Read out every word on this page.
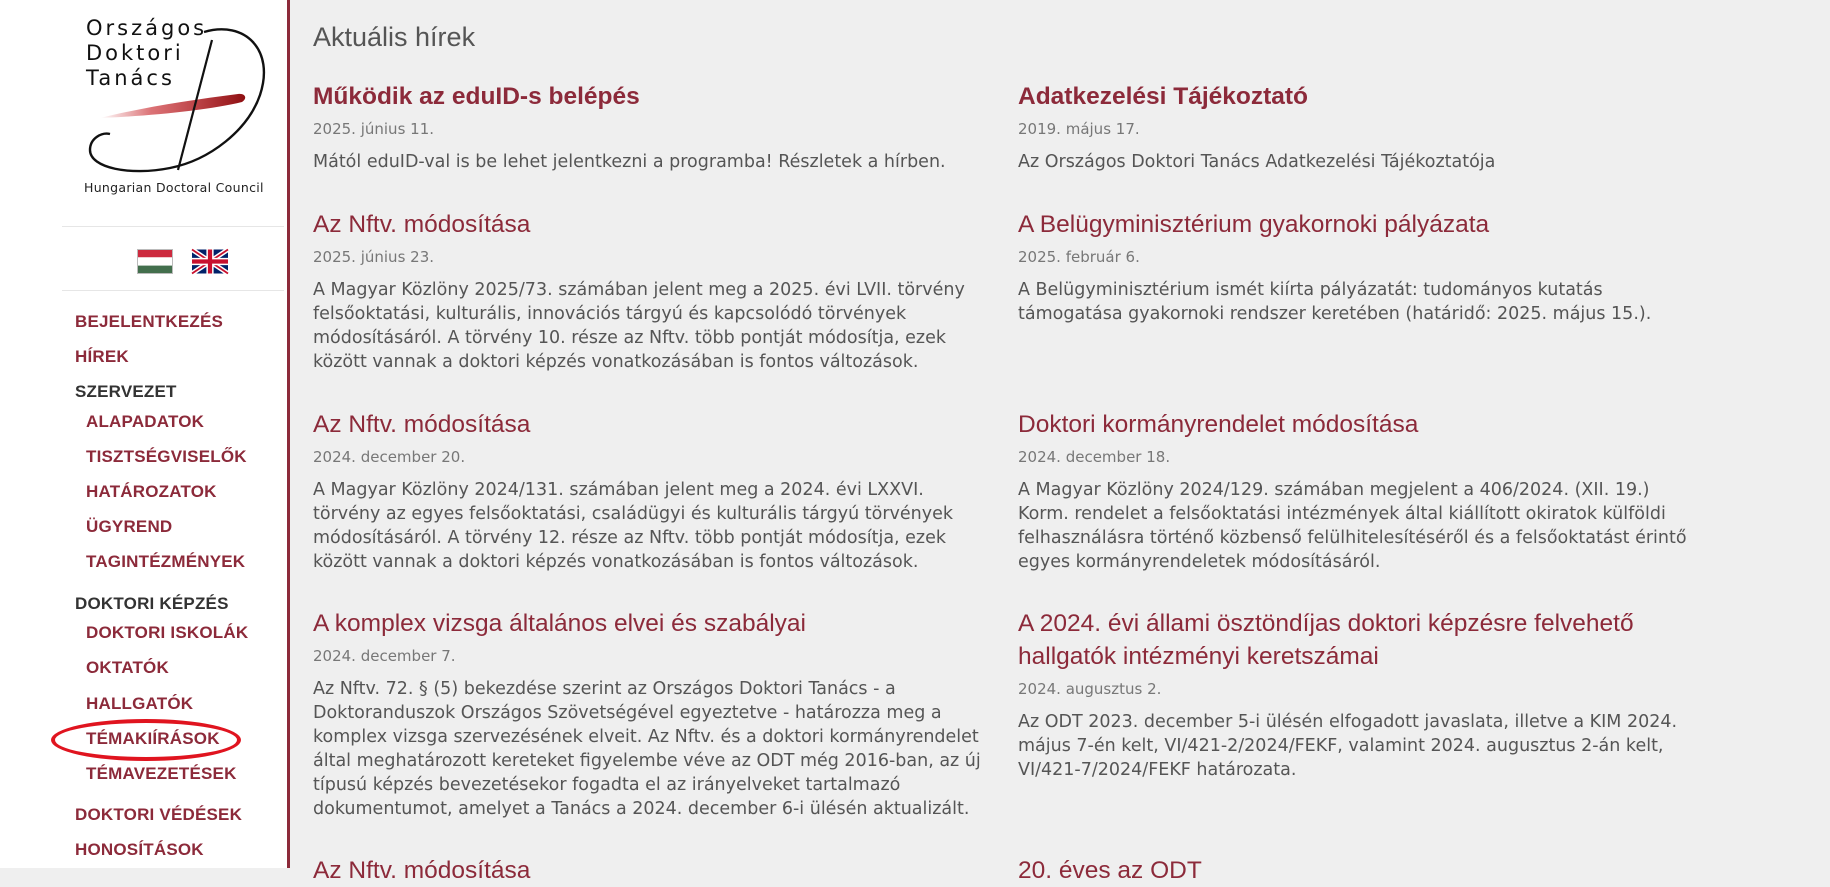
Országos
Doktori
Tanács
Hungarian Doctoral Council
BEJELENTKEZÉS
HÍREK
SZERVEZET
ALAPADATOK
TISZTSÉGVISELŐK
HATÁROZATOK
ÜGYREND
TAGINTÉZMÉNYEK
DOKTORI KÉPZÉS
DOKTORI ISKOLÁK
OKTATÓK
HALLGATÓK
TÉMAKIÍRÁSOK
TÉMAVEZETÉSEK
DOKTORI VÉDÉSEK
HONOSÍTÁSOK
Aktuális hírek
Működik az eduID-s belépés
2025. június 11.
Mától eduID-val is be lehet jelentkezni a programba! Részletek a hírben.
Adatkezelési Tájékoztató
2019. május 17.
Az Országos Doktori Tanács Adatkezelési Tájékoztatója
Az Nftv. módosítása
2025. június 23.
A Magyar Közlöny 2025/73. számában jelent meg a 2025. évi LVII. törvény felsőoktatási, kulturális, innovációs tárgyú és kapcsolódó törvények módosításáról. A törvény 10. része az Nftv. több pontját módosítja, ezek között vannak a doktori képzés vonatkozásában is fontos változások.
A Belügyminisztérium gyakornoki pályázata
2025. február 6.
A Belügyminisztérium ismét kiírta pályázatát: tudományos kutatás támogatása gyakornoki rendszer keretében (határidő: 2025. május 15.).
Az Nftv. módosítása
2024. december 20.
A Magyar Közlöny 2024/131. számában jelent meg a 2024. évi LXXVI. törvény az egyes felsőoktatási, családügyi és kulturális tárgyú törvények módosításáról. A törvény 12. része az Nftv. több pontját módosítja, ezek között vannak a doktori képzés vonatkozásában is fontos változások.
Doktori kormányrendelet módosítása
2024. december 18.
A Magyar Közlöny 2024/129. számában megjelent a 406/2024. (XII. 19.) Korm. rendelet a felsőoktatási intézmények által kiállított okiratok külföldi felhasználásra történő közbenső felülhitelesítéséről és a felsőoktatást érintő egyes kormányrendeletek módosításáról.
A komplex vizsga általános elvei és szabályai
2024. december 7.
Az Nftv. 72. § (5) bekezdése szerint az Országos Doktori Tanács - a Doktoranduszok Országos Szövetségével egyeztetve - határozza meg a komplex vizsga szervezésének elveit. Az Nftv. és a doktori kormányrendelet által meghatározott kereteket figyelembe véve az ODT még 2016-ban, az új típusú képzés bevezetésekor fogadta el az irányelveket tartalmazó dokumentumot, amelyet a Tanács a 2024. december 6-i ülésén aktualizált.
A 2024. évi állami ösztöndíjas doktori képzésre felvehető hallgatók intézményi keretszámai
2024. augusztus 2.
Az ODT 2023. december 5-i ülésén elfogadott javaslata, illetve a KIM 2024. május 7-én kelt, VI/421-2/2024/FEKF, valamint 2024. augusztus 2-án kelt, VI/421-7/2024/FEKF határozata.
Az Nftv. módosítása	20. éves az ODT
